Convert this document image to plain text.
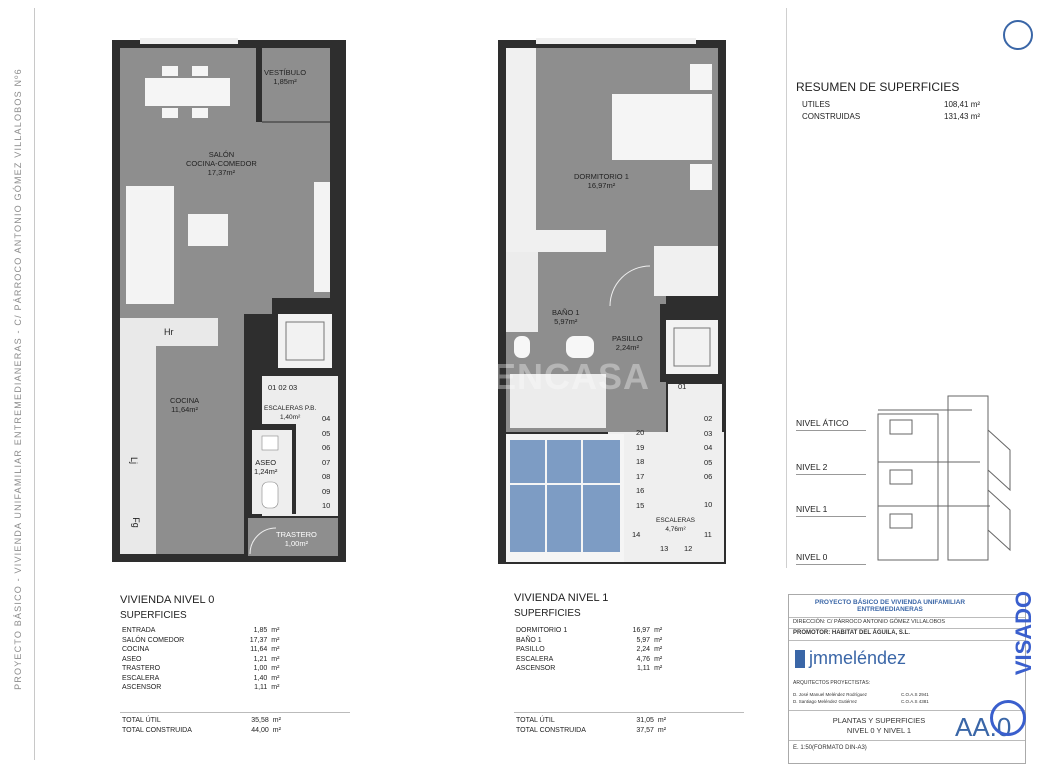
PROYECTO BÁSICO - VIVIENDA UNIFAMILIAR ENTREMEDIANERAS - C/ PÁRROCO ANTONIO GÓMEZ VILLALOBOS Nº6	VESTÍBULO
1,85m²
SALÓN
COCINA-COMEDOR
17,37m²
COCINA
11,64m²
ASEO
1,24m²
TRASTERO
1,00m²
ESCALERAS P.B.
1,40m²
Hr
Lj
Fg
01 02 03
04
05
06
07
08
09
10
ENCASA
DORMITORIO 1
16,97m²
BAÑO 1
5,97m²
PASILLO
2,24m²
ESCALERAS
4,76m²
01
02
03
04
05
06
10
11
20
19
18
17
16
15
14
13 12
VIVIENDA NIVEL 0
SUPERFICIES
ENTRADA	1,85	m²
SALÓN COMEDOR	17,37	m²
COCINA	11,64	m²
ASEO	1,21	m²
TRASTERO	1,00	m²
ESCALERA	1,40	m²
ASCENSOR	1,11	m²
TOTAL ÚTIL	35,58	m²
TOTAL CONSTRUIDA	44,00	m²
VIVIENDA NIVEL 1
SUPERFICIES
DORMITORIO 1	16,97	m²
BAÑO 1	5,97	m²
PASILLO	2,24	m²
ESCALERA	4,76	m²
ASCENSOR	1,11	m²
TOTAL ÚTIL	31,05	m²
TOTAL CONSTRUIDA	37,57	m²
RESUMEN DE SUPERFICIES
UTILES	108,41 m²
CONSTRUIDAS	131,43 m²
NIVEL ÁTICO
NIVEL 2
NIVEL 1
NIVEL 0
PROYECTO BÁSICO DE VIVIENDA UNIFAMILIAR ENTREMEDIANERAS
DIRECCIÓN: C/ PÁRROCO ANTONIO GÓMEZ VILLALOBOS
PROMOTOR: HABITAT DEL ÁGUILA, S.L.
jmmeléndez
ARQUITECTOS PROYECTISTAS:
D. José Manuel Meléndez Rodríguez
D. Santiago Meléndez Gutiérrez
C.O.A.S 2941
C.O.A.S 4381
PLANTAS Y SUPERFICIES
NIVEL 0 Y NIVEL 1	AA.0
E. 1:50(FORMATO DIN-A3)
VISADO
